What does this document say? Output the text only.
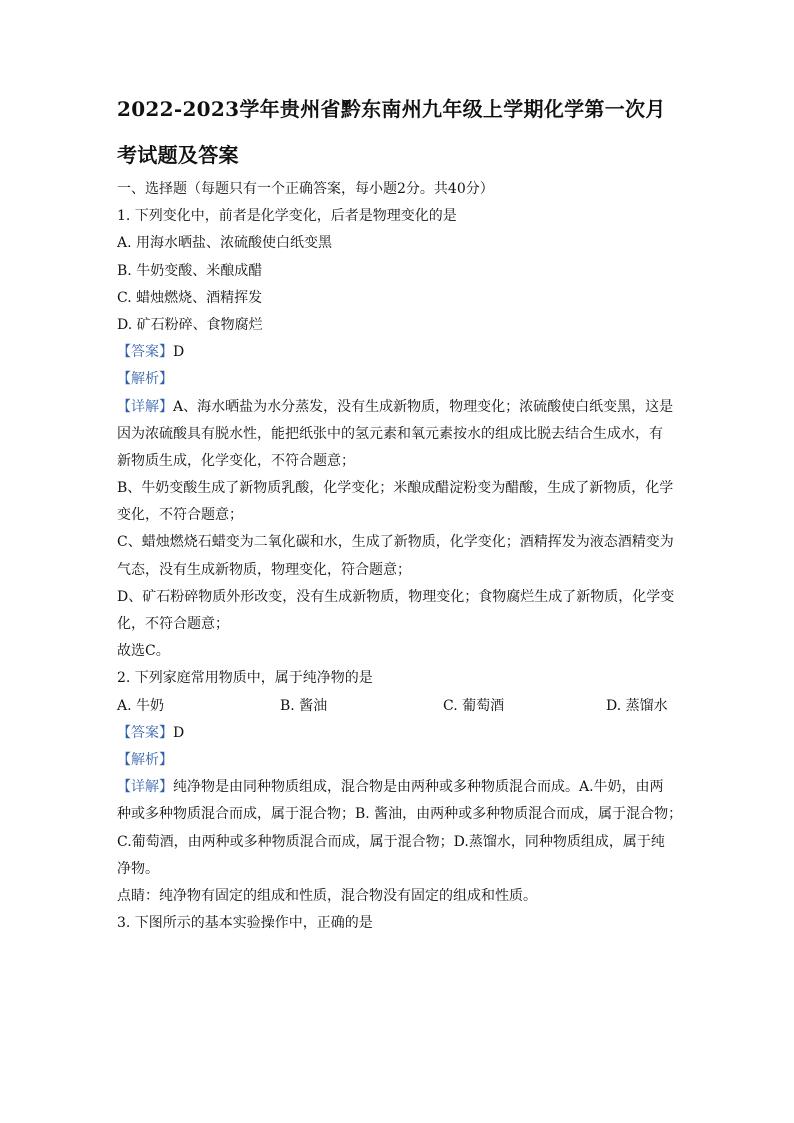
2022-2023学年贵州省黔东南州九年级上学期化学第一次月
考试题及答案
一、选择题（每题只有一个正确答案，每小题2分。共40分）
1. 下列变化中，前者是化学变化，后者是物理变化的是
A. 用海水晒盐、浓硫酸使白纸变黑
B. 牛奶变酸、米酿成醋
C. 蜡烛燃烧、酒精挥发
D. 矿石粉碎、食物腐烂
【答案】D
【解析】
【详解】A、海水晒盐为水分蒸发，没有生成新物质，物理变化；浓硫酸使白纸变黑，这是
因为浓硫酸具有脱水性，能把纸张中的氢元素和氧元素按水的组成比脱去结合生成水，有
新物质生成，化学变化，不符合题意；
B、牛奶变酸生成了新物质乳酸，化学变化；米酿成醋淀粉变为醋酸，生成了新物质，化学
变化，不符合题意；
C、蜡烛燃烧石蜡变为二氧化碳和水，生成了新物质，化学变化；酒精挥发为液态酒精变为
气态，没有生成新物质，物理变化，符合题意；
D、矿石粉碎物质外形改变，没有生成新物质，物理变化；食物腐烂生成了新物质，化学变
化，不符合题意；
故选C。
2. 下列家庭常用物质中，属于纯净物的是
A. 牛奶	B. 酱油	C. 葡萄酒	D. 蒸馏水
【答案】D
【解析】
【详解】纯净物是由同种物质组成，混合物是由两种或多种物质混合而成。A.牛奶，由两
种或多种物质混合而成，属于混合物；B. 酱油，由两种或多种物质混合而成，属于混合物；
C.葡萄酒，由两种或多种物质混合而成，属于混合物；D.蒸馏水，同种物质组成，属于纯
净物。
点睛：纯净物有固定的组成和性质，混合物没有固定的组成和性质。
3. 下图所示的基本实验操作中，正确的是
